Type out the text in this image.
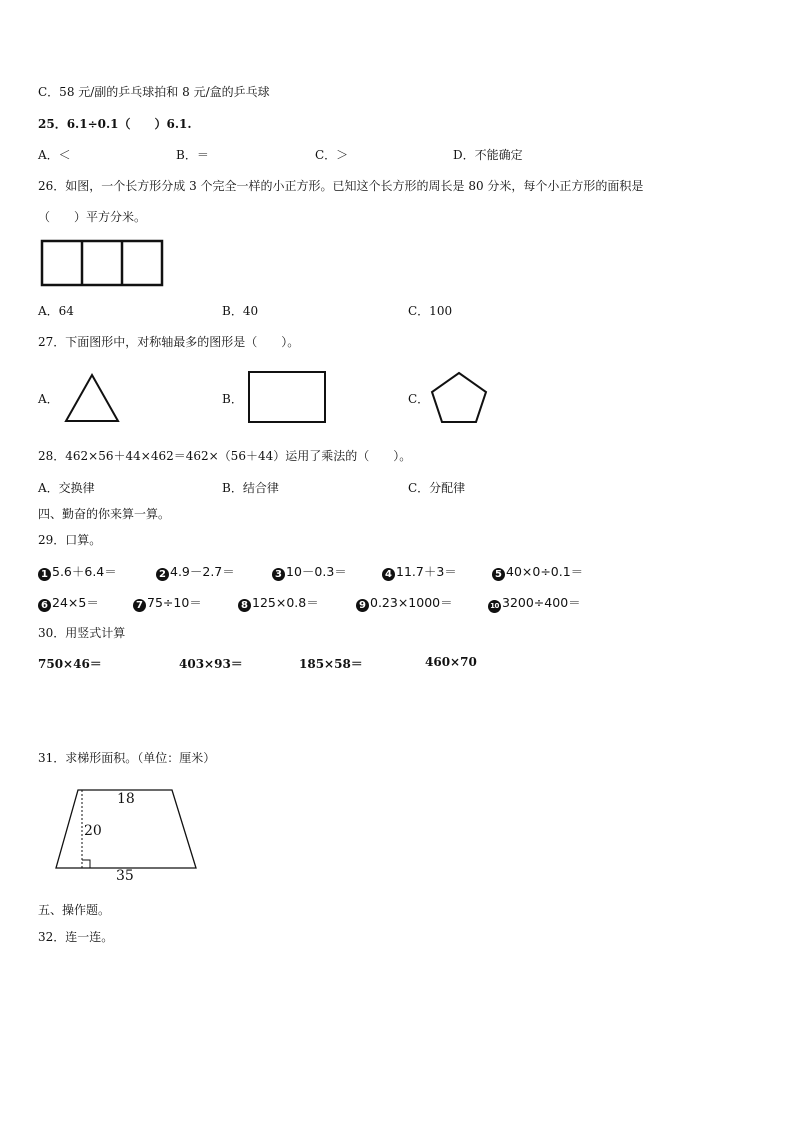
C．58 元/副的乒乓球拍和 8 元/盒的乒乓球
25．6.1÷0.1（　　）6.1.
A．＜	B．＝	C．＞	D．不能确定
26．如图，一个长方形分成 3 个完全一样的小正方形。已知这个长方形的周长是 80 分米，每个小正方形的面积是
（　　）平方分米。
A．64	B．40	C．100
27．下面图形中，对称轴最多的图形是（　　）。
A．	B．	C．
28．462×56＋44×462＝462×（56＋44）运用了乘法的（　　）。
A．交换律	B．结合律	C．分配律
四、勤奋的你来算一算。
29．口算。
1 5.6＋6.4＝	2 4.9－2.7＝	3 10－0.3＝	4 11.7＋3＝	5 40×0÷0.1＝
6 24×5＝	7 75÷10＝	8 125×0.8＝	9 0.23×1000＝	10 3200÷400＝
30．用竖式计算
750×46＝	403×93＝	185×58＝	460×70
31．求梯形面积。（单位：厘米）
18
20
35
五、操作题。
32．连一连。
